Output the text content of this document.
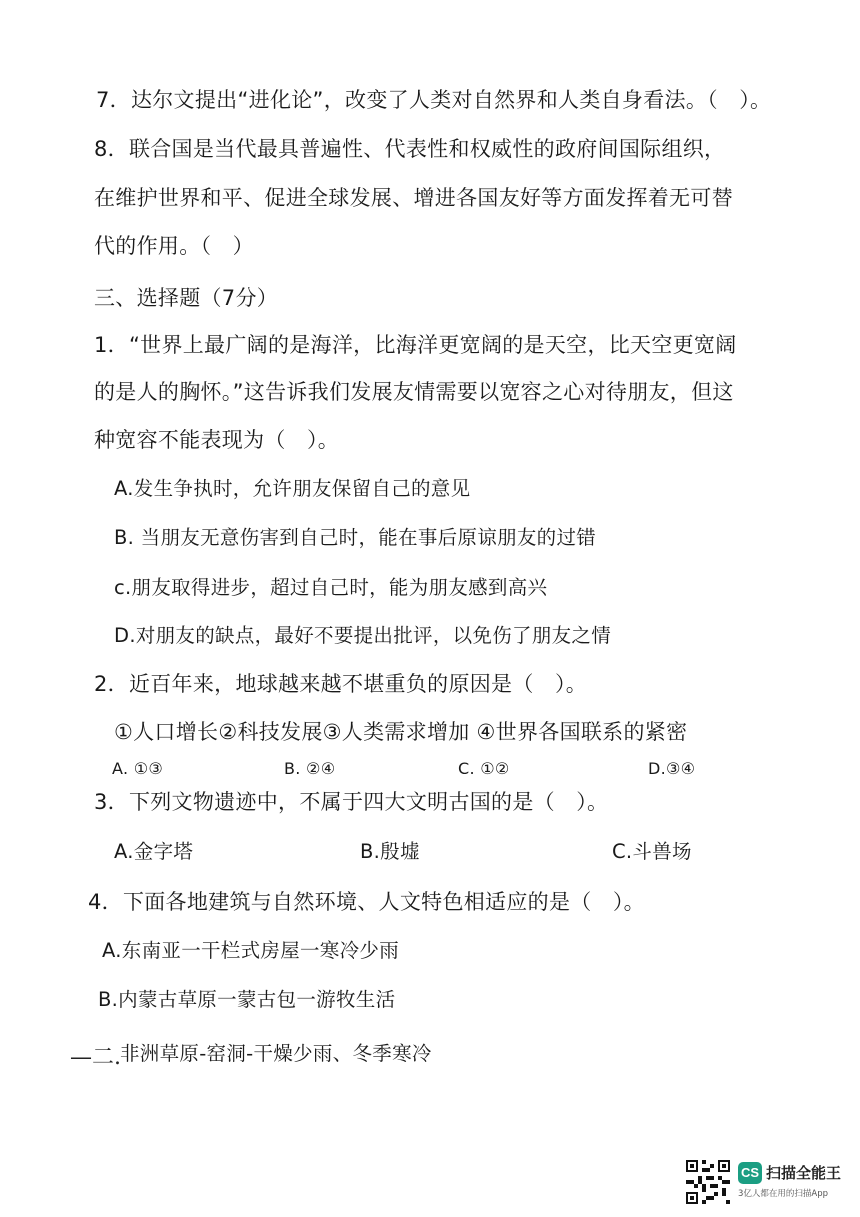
7．达尔文提出“进化论”，改变了人类对自然界和人类自身看法。（　）。
8．联合国是当代最具普遍性、代表性和权威性的政府间国际组织，
在维护世界和平、促进全球发展、增进各国友好等方面发挥着无可替
代的作用。（　）
三、选择题（7分）
1．“世界上最广阔的是海洋，比海洋更宽阔的是天空，比天空更宽阔
的是人的胸怀。”这告诉我们发展友情需要以宽容之心对待朋友，但这
种宽容不能表现为（　）。
A.发生争执时，允许朋友保留自己的意见
B. 当朋友无意伤害到自己时，能在事后原谅朋友的过错
c.朋友取得进步，超过自己时，能为朋友感到高兴
D.对朋友的缺点，最好不要提出批评，以免伤了朋友之情
2．近百年来，地球越来越不堪重负的原因是（　）。
①人口增长②科技发展③人类需求增加 ④世界各国联系的紧密
A. ①③	B. ②④	C. ①②	D.③④
3．下列文物遗迹中，不属于四大文明古国的是（　）。
A.金字塔	B.殷墟	C.斗兽场
4．下面各地建筑与自然环境、人文特色相适应的是（　）。
A.东南亚一干栏式房屋一寒冷少雨
B.内蒙古草原一蒙古包一游牧生活
—二. 非洲草原-窑洞-干燥少雨、冬季寒冷
CS 扫描全能王
3亿人都在用的扫描App
